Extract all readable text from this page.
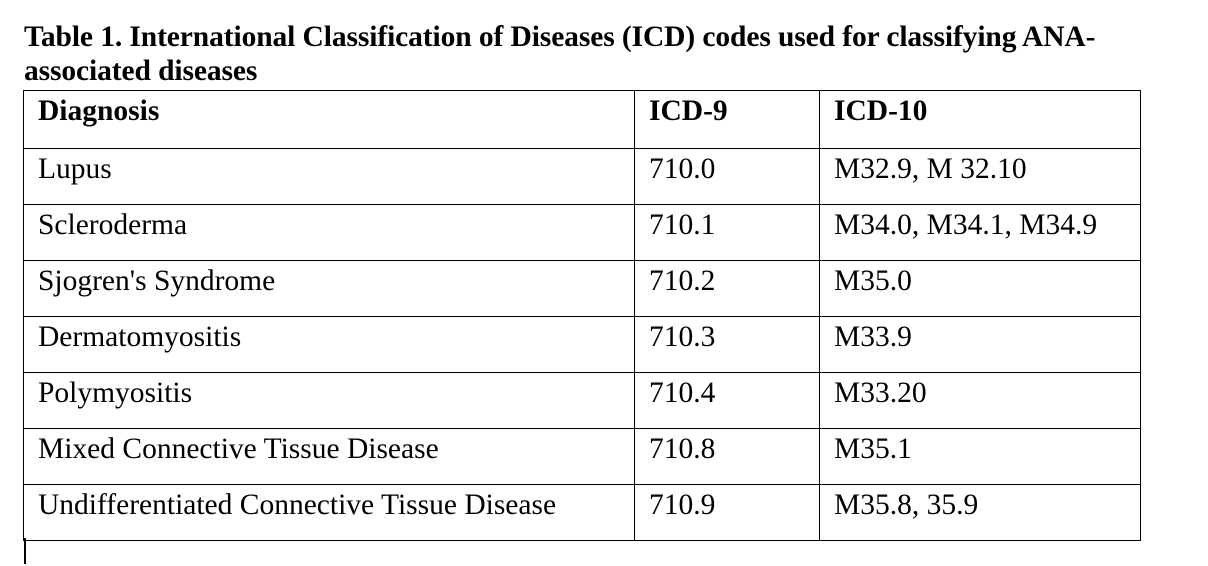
Table 1. International Classification of Diseases (ICD) codes used for classifying ANA-associated diseases

Diagnosis	ICD-9	ICD-10
Lupus	710.0	M32.9, M 32.10
Scleroderma	710.1	M34.0, M34.1, M34.9
Sjogren's Syndrome	710.2	M35.0
Dermatomyositis	710.3	M33.9
Polymyositis	710.4	M33.20
Mixed Connective Tissue Disease	710.8	M35.1
Undifferentiated Connective Tissue Disease	710.9	M35.8, 35.9
